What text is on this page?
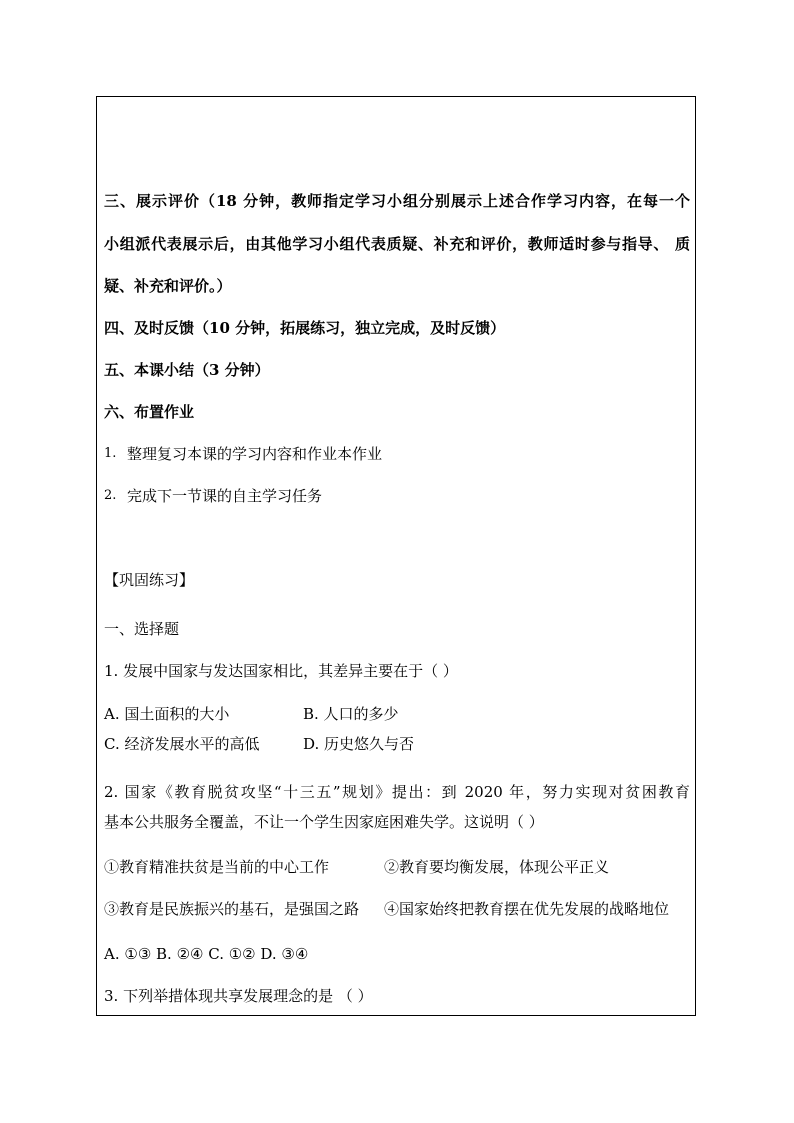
三、展示评价（18 分钟，教师指定学习小组分别展示上述合作学习内容，在每一个
小组派代表展示后，由其他学习小组代表质疑、补充和评价，教师适时参与指导、 质
疑、补充和评价。）
四、及时反馈（10 分钟，拓展练习，独立完成，及时反馈）
五、本课小结（3 分钟）
六、布置作业
1. 整理复习本课的学习内容和作业本作业
2. 完成下一节课的自主学习任务
【巩固练习】
一、选择题
1. 发展中国家与发达国家相比，其差异主要在于（ ）
A. 国土面积的大小	B. 人口的多少
C. 经济发展水平的高低	D. 历史悠久与否
2. 国家《教育脱贫攻坚“十三五”规划》提出：到 2020 年，努力实现对贫困教育
基本公共服务全覆盖，不让一个学生因家庭困难失学。这说明（ ）
①教育精准扶贫是当前的中心工作	②教育要均衡发展，体现公平正义
③教育是民族振兴的基石，是强国之路 ④国家始终把教育摆在优先发展的战略地位
A. ①③ B. ②④ C. ①② D. ③④
3. 下列举措体现共享发展理念的是 （ ）
